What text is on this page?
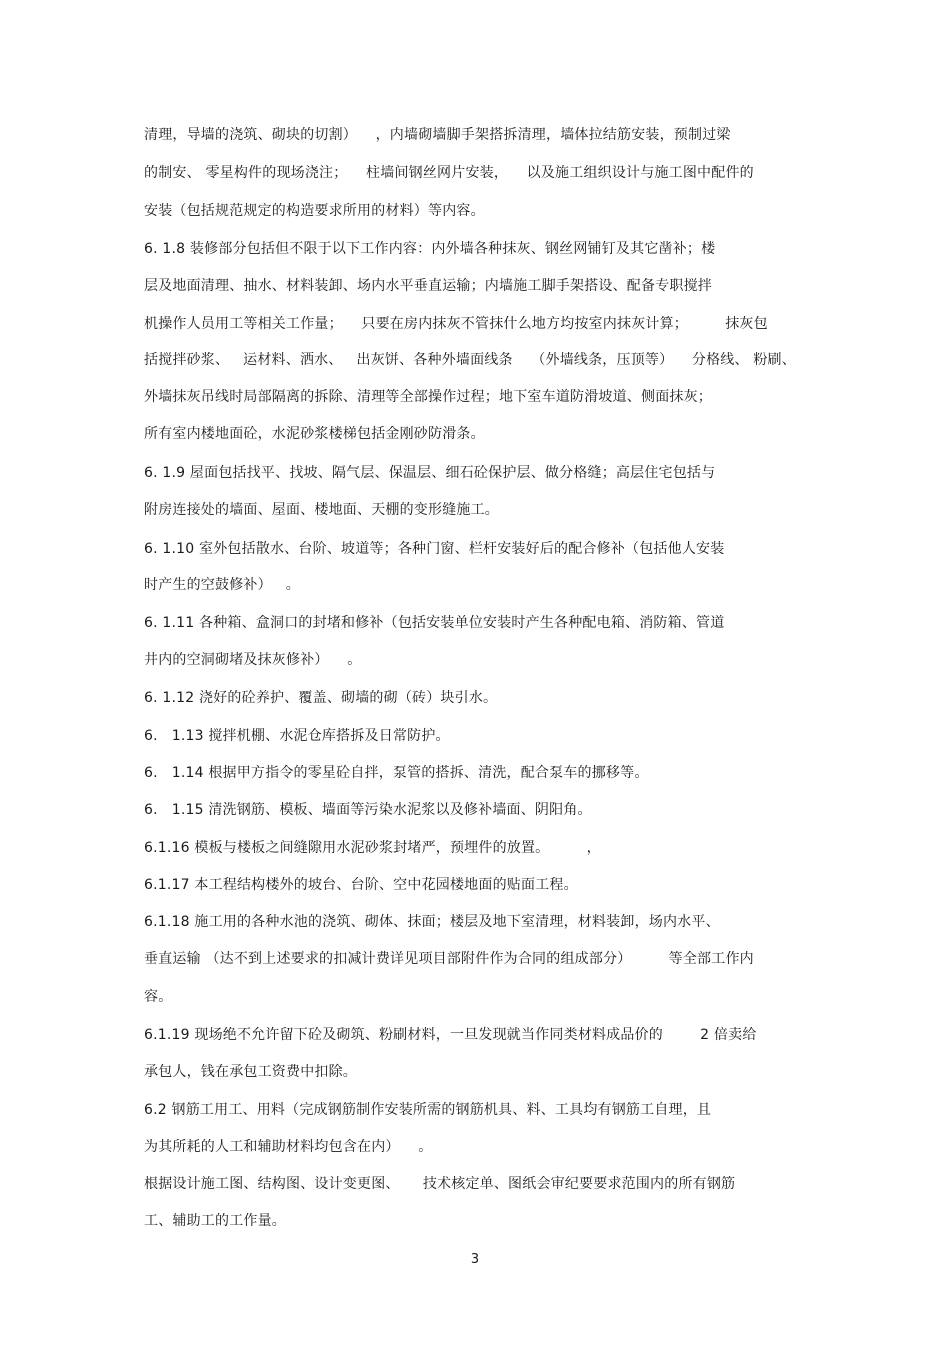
清理，导墙的浇筑、砌块的切割）    ，内墙砌墙脚手架搭拆清理，墙体拉结筋安装，预制过梁
的制安、 零星构件的现场浇注；    柱墙间钢丝网片安装，    以及施工组织设计与施工图中配件的
安装（包括规范规定的构造要求所用的材料）等内容。
6. 1.8 装修部分包括但不限于以下工作内容：内外墙各种抹灰、钢丝网铺钉及其它凿补；楼
层及地面清理、抽水、材料装卸、场内水平垂直运输；内墙施工脚手架搭设、配备专职搅拌
机操作人员用工等相关工作量；    只要在房内抹灰不管抹什么地方均按室内抹灰计算；        抹灰包
括搅拌砂浆、   运材料、洒水、   出灰饼、各种外墙面线条    （外墙线条，压顶等）    分格线、 粉刷、
外墙抹灰吊线时局部隔离的拆除、清理等全部操作过程；地下室车道防滑坡道、侧面抹灰；
所有室内楼地面砼，水泥砂浆楼梯包括金刚砂防滑条。
6. 1.9 屋面包括找平、找坡、隔气层、保温层、细石砼保护层、做分格缝；高层住宅包括与
附房连接处的墙面、屋面、楼地面、天棚的变形缝施工。
6. 1.10 室外包括散水、台阶、坡道等；各种门窗、栏杆安装好后的配合修补（包括他人安装
时产生的空鼓修补）   。
6. 1.11 各种箱、盒洞口的封堵和修补（包括安装单位安装时产生各种配电箱、消防箱、管道
井内的空洞砌堵及抹灰修补）    。
6. 1.12 浇好的砼养护、覆盖、砌墙的砌（砖）块引水。
6.   1.13 搅拌机棚、水泥仓库搭拆及日常防护。
6.   1.14 根据甲方指令的零星砼自拌，泵管的搭拆、清洗，配合泵车的挪移等。
6.   1.15 清洗钢筋、模板、墙面等污染水泥浆以及修补墙面、阴阳角。
6.1.16 模板与楼板之间缝隙用水泥砂浆封堵严，预埋件的放置。        ，
6.1.17 本工程结构楼外的坡台、台阶、空中花园楼地面的贴面工程。
6.1.18 施工用的各种水池的浇筑、砌体、抹面；楼层及地下室清理，材料装卸，场内水平、
垂直运输 （达不到上述要求的扣减计费详见项目部附件作为合同的组成部分）        等全部工作内
容。
6.1.19 现场绝不允许留下砼及砌筑、粉刷材料，一旦发现就当作同类材料成品价的        2 倍卖给
承包人，钱在承包工资费中扣除。
6.2 钢筋工用工、用料（完成钢筋制作安装所需的钢筋机具、料、工具均有钢筋工自理，且
为其所耗的人工和辅助材料均包含在内）    。
根据设计施工图、结构图、设计变更图、     技术核定单、图纸会审纪要要求范围内的所有钢筋
工、辅助工的工作量。
3
